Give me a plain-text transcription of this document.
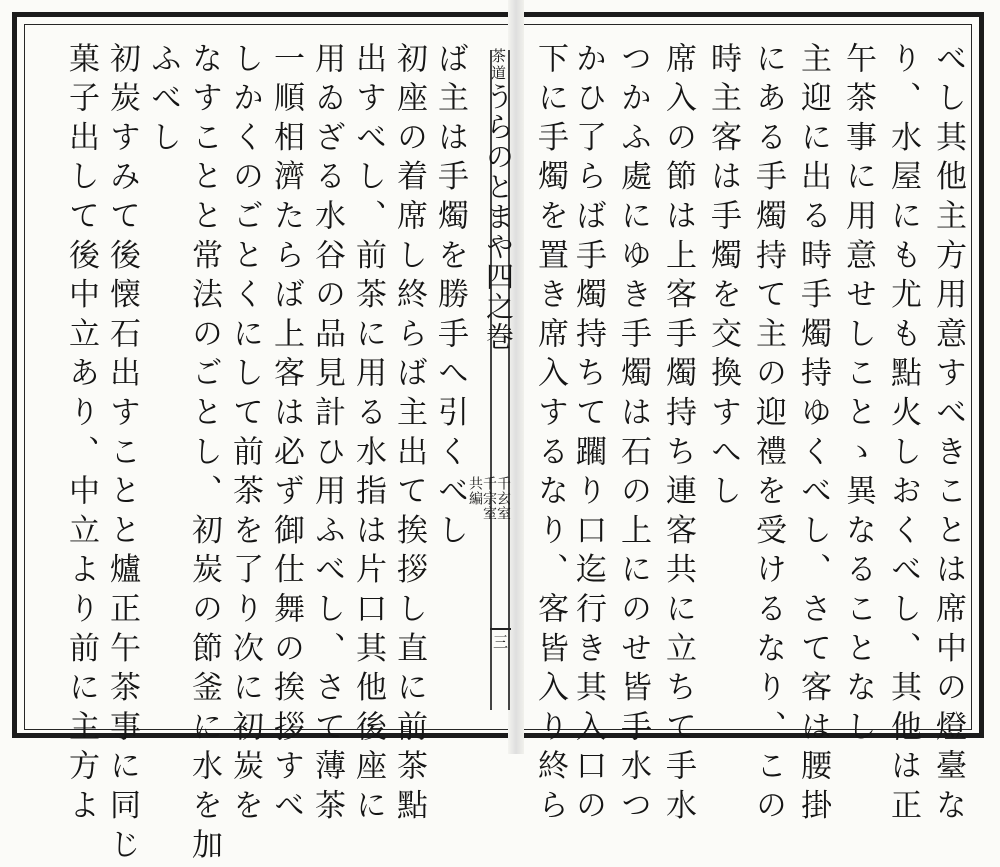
べし其他主方用意すべきことは席中の燈臺な
り、水屋にも尤も點火しおくべし、其他は正
午茶事に用意せしことゝ異なることなし
主迎に出る時手燭持ゆくべし、さて客は腰掛
にある手燭持て主の迎禮を受けるなり、この
時主客は手燭を交換すへし
席入の節は上客手燭持ち連客共に立ちて手水
つかふ處にゆき手燭は石の上にのせ皆手水つ
かひ了らば手燭持ちて躙り口迄行き其入口の
下に手燭を置き席入するなり、客皆入り終ら
茶道うらのとまや四之巻
千玄室
千宗室
共編
三
ば主は手燭を勝手へ引くべし
初座の着席し終らば主出て挨拶し直に前茶點
出すべし、前茶に用る水指は片口其他後座に
用ゐざる水谷の品見計ひ用ふべし、さて薄茶
一順相濟たらば上客は必ず御仕舞の挨拶すべ
しかくのごとくにして前茶を了り次に初炭を
なすことと常法のごとし、初炭の節釜に水を加
ふべし
初炭すみて後懐石出すことと爐正午茶事に同じ
菓子出して後中立あり、中立より前に主方よ
